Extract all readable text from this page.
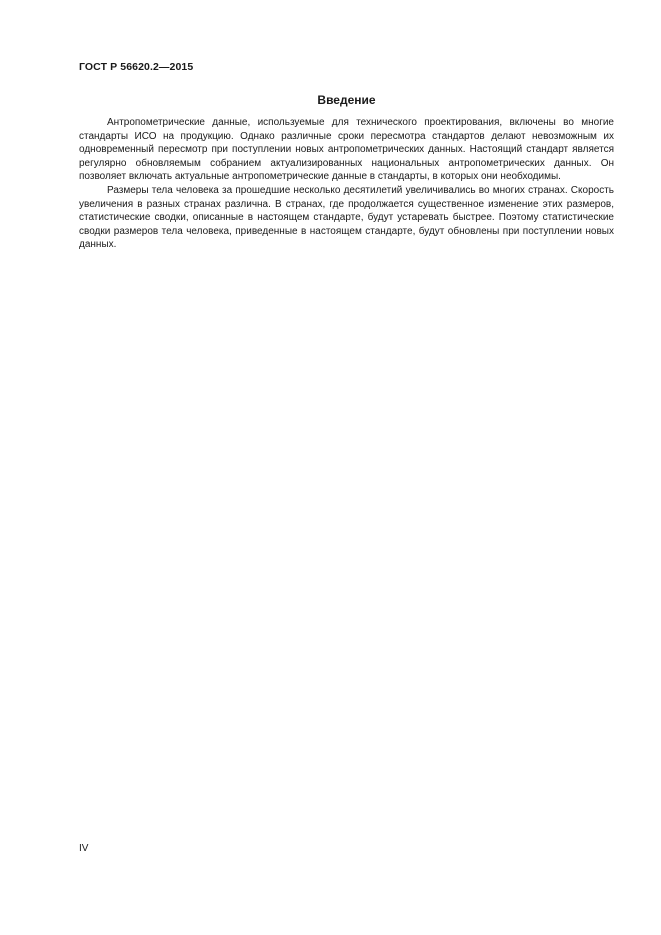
ГОСТ Р 56620.2—2015
Введение

Антропометрические данные, используемые для технического проектирования, включены во многие стандарты ИСО на продукцию. Однако различные сроки пересмотра стандартов делают невозможным их одновременный пересмотр при поступлении новых антропометрических данных. Настоящий стандарт является регулярно обновляемым собранием актуализированных национальных антропометрических данных. Он позволяет включать актуальные антропометрические данные в стандарты, в которых они необходимы.

Размеры тела человека за прошедшие несколько десятилетий увеличивались во многих странах. Скорость увеличения в разных странах различна. В странах, где продолжается существенное изменение этих размеров, статистические сводки, описанные в настоящем стандарте, будут устаревать быстрее. Поэтому статистические сводки размеров тела человека, приведенные в настоящем стандарте, будут обновлены при поступлении новых данных.

IV
